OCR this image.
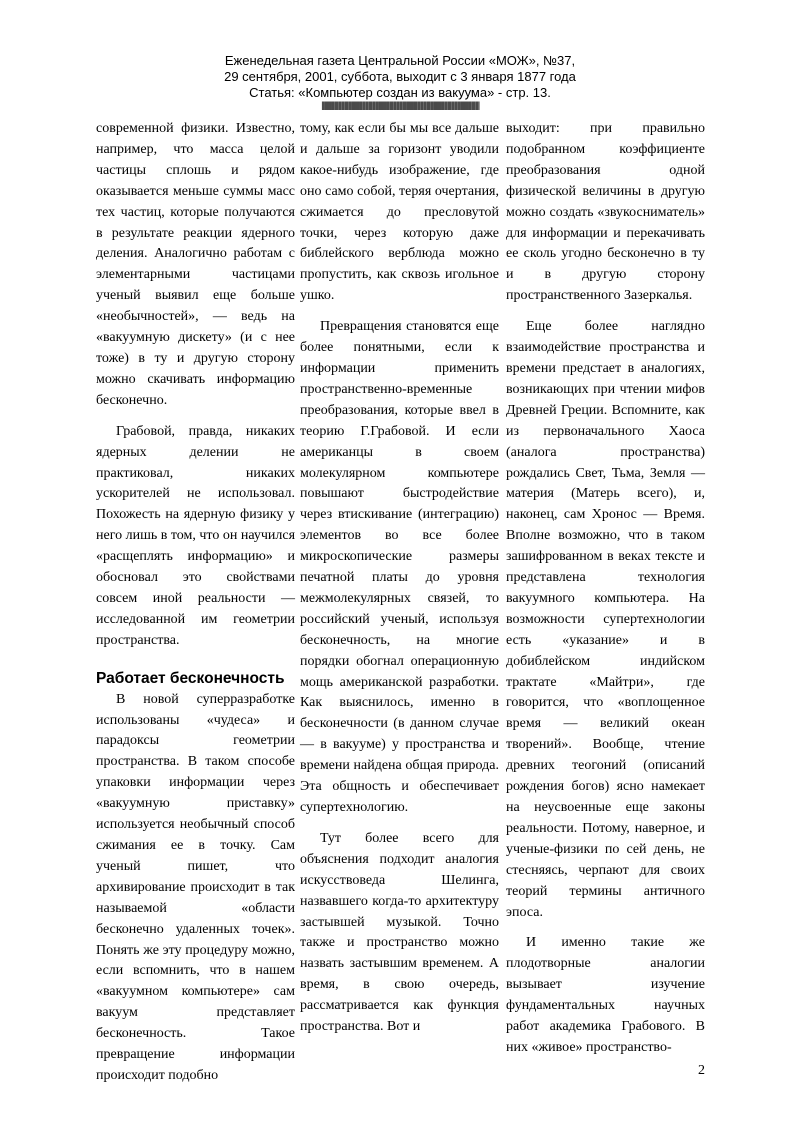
Еженедельная газета Центральной России «МОЖ», №37,
29 сентября, 2001, суббота, выходит с 3 января 1877 года
Статья: «Компьютер создан из вакуума» - стр. 13.
||||||||||||||||||||||||||||||||||||||||||||||||||||||||||||||||||||||||||||||||||||||||||||||||||||||||||||||||||||||||||||||||||||||||||||||||||||||||

современной физики. Известно, например, что масса целой частицы сплошь и рядом оказывается меньше суммы масс тех частиц, которые получаются в результате реакции ядерного деления. Аналогично работам с элементарными частицами ученый выявил еще больше «необычностей», — ведь на «вакуумную дискету» (и с нее тоже) в ту и другую сторону можно скачивать информацию бесконечно.

Грабовой, правда, никаких ядерных делении не практиковал, никаких ускорителей не использовал. Похожесть на ядерную физику у него лишь в том, что он научился «расщеплять информацию» и обосновал это свойствами совсем иной реальности — исследованной им геометрии пространства.

Работает бесконечность

В новой суперразработке использованы «чудеса» и парадоксы геометрии пространства. В таком способе упаковки информации через «вакуумную приставку» используется необычный способ сжимания ее в точку. Сам ученый пишет, что архивирование происходит в так называемой «области бесконечно удаленных точек». Понять же эту процедуру можно, если вспомнить, что в нашем «вакуумном компьютере» сам вакуум представляет бесконечность. Такое превращение информации происходит подобно

тому, как если бы мы все дальше и дальше за горизонт уводили какое-нибудь изображение, где оно само собой, теряя очертания, сжимается до пресловутой точки, через которую даже библейского верблюда можно пропустить, как сквозь игольное ушко.

Превращения становятся еще более понятными, если к информации применить пространственно-временные преобразования, которые ввел в теорию Г.Грабовой. И если американцы в своем молекулярном компьютере повышают быстродействие через втискивание (интеграцию) элементов во все более микроскопические размеры печатной платы до уровня межмолекулярных связей, то российский ученый, используя бесконечность, на многие порядки обогнал операционную мощь американской разработки. Как выяснилось, именно в бесконечности (в данном случае — в вакууме) у пространства и времени найдена общая природа. Эта общность и обеспечивает супертехнологию.

Тут более всего для объяснения подходит аналогия искусствоведа Шелинга, назвавшего когда-то архитектуру застывшей музыкой. Точно также и пространство можно назвать застывшим временем. А время, в свою очередь, рассматривается как функция пространства. Вот и

выходит: при правильно подобранном коэффициенте преобразования одной физической величины в другую можно создать «звукосниматель» для информации и перекачивать ее сколь угодно бесконечно в ту и в другую сторону пространственного Зазеркалья.

Еще более наглядно взаимодействие пространства и времени предстает в аналогиях, возникающих при чтении мифов Древней Греции. Вспомните, как из первоначального Хаоса (аналога пространства) рождались Свет, Тьма, Земля — материя (Матерь всего), и, наконец, сам Хронос — Время. Вполне возможно, что в таком зашифрованном в веках тексте и представлена технология вакуумного компьютера. На возможности супертехнологии есть «указание» и в добиблейском индийском трактате «Майтри», где говорится, что «воплощенное время — великий океан творений». Вообще, чтение древних теогоний (описаний рождения богов) ясно намекает на неусвоенные еще законы реальности. Потому, наверное, и ученые-физики по сей день, не стесняясь, черпают для своих теорий термины античного эпоса.

И именно такие же плодотворные аналогии вызывает изучение фундаментальных научных работ академика Грабового. В них «живое» пространство-

2
